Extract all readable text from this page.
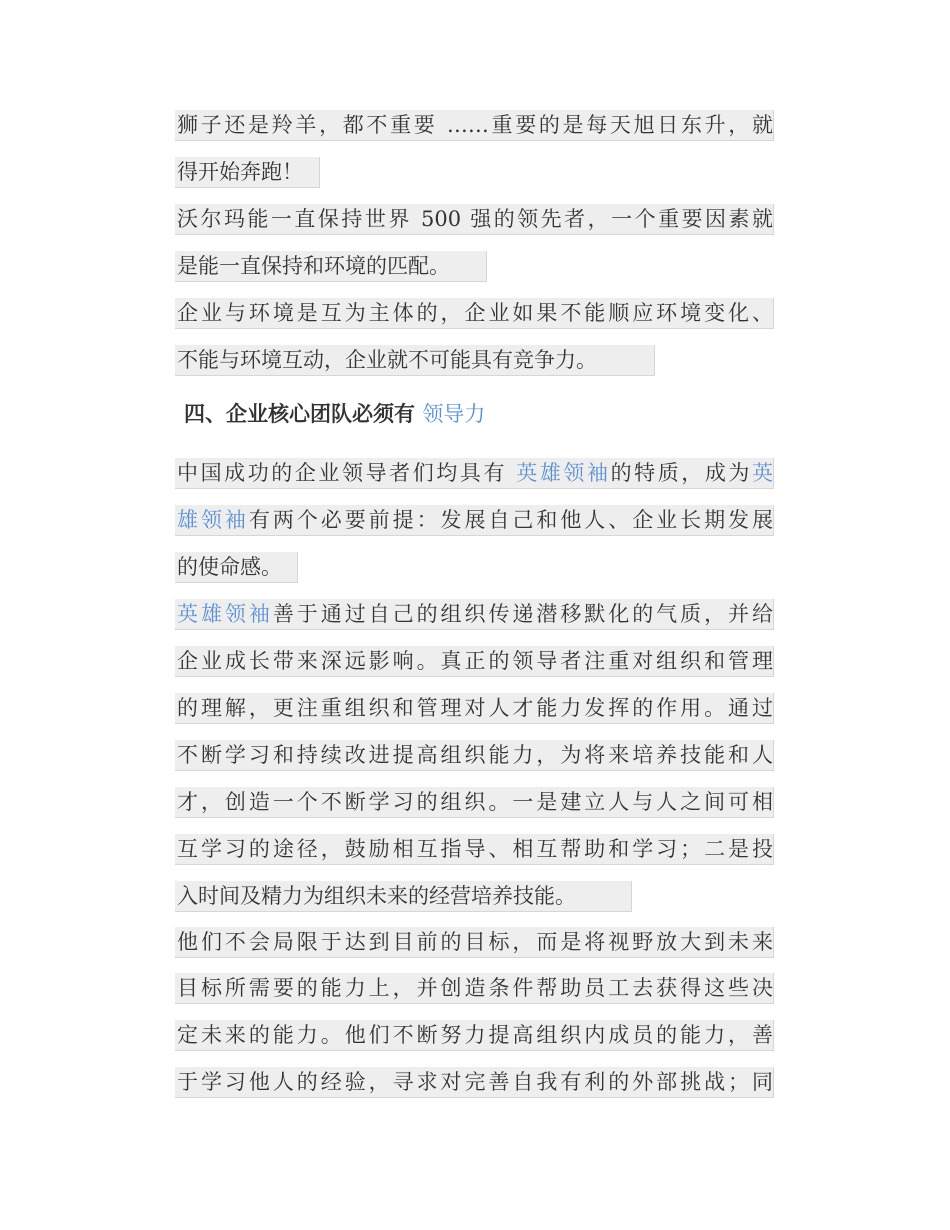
狮子还是羚羊，都不重要 ……重要的是每天旭日东升，就
得开始奔跑！
沃尔玛能一直保持世界 500 强的领先者，一个重要因素就
是能一直保持和环境的匹配。
企业与环境是互为主体的，企业如果不能顺应环境变化、
不能与环境互动，企业就不可能具有竞争力。
四、企业核心团队必须有 领导力
中国成功的企业领导者们均具有 英雄领袖的特质，成为英
雄领袖有两个必要前提：发展自己和他人、企业长期发展
的使命感。
英雄领袖善于通过自己的组织传递潜移默化的气质，并给
企业成长带来深远影响。真正的领导者注重对组织和管理
的理解，更注重组织和管理对人才能力发挥的作用。通过
不断学习和持续改进提高组织能力，为将来培养技能和人
才，创造一个不断学习的组织。一是建立人与人之间可相
互学习的途径，鼓励相互指导、相互帮助和学习；二是投
入时间及精力为组织未来的经营培养技能。
他们不会局限于达到目前的目标，而是将视野放大到未来
目标所需要的能力上，并创造条件帮助员工去获得这些决
定未来的能力。他们不断努力提高组织内成员的能力，善
于学习他人的经验，寻求对完善自我有利的外部挑战；同
